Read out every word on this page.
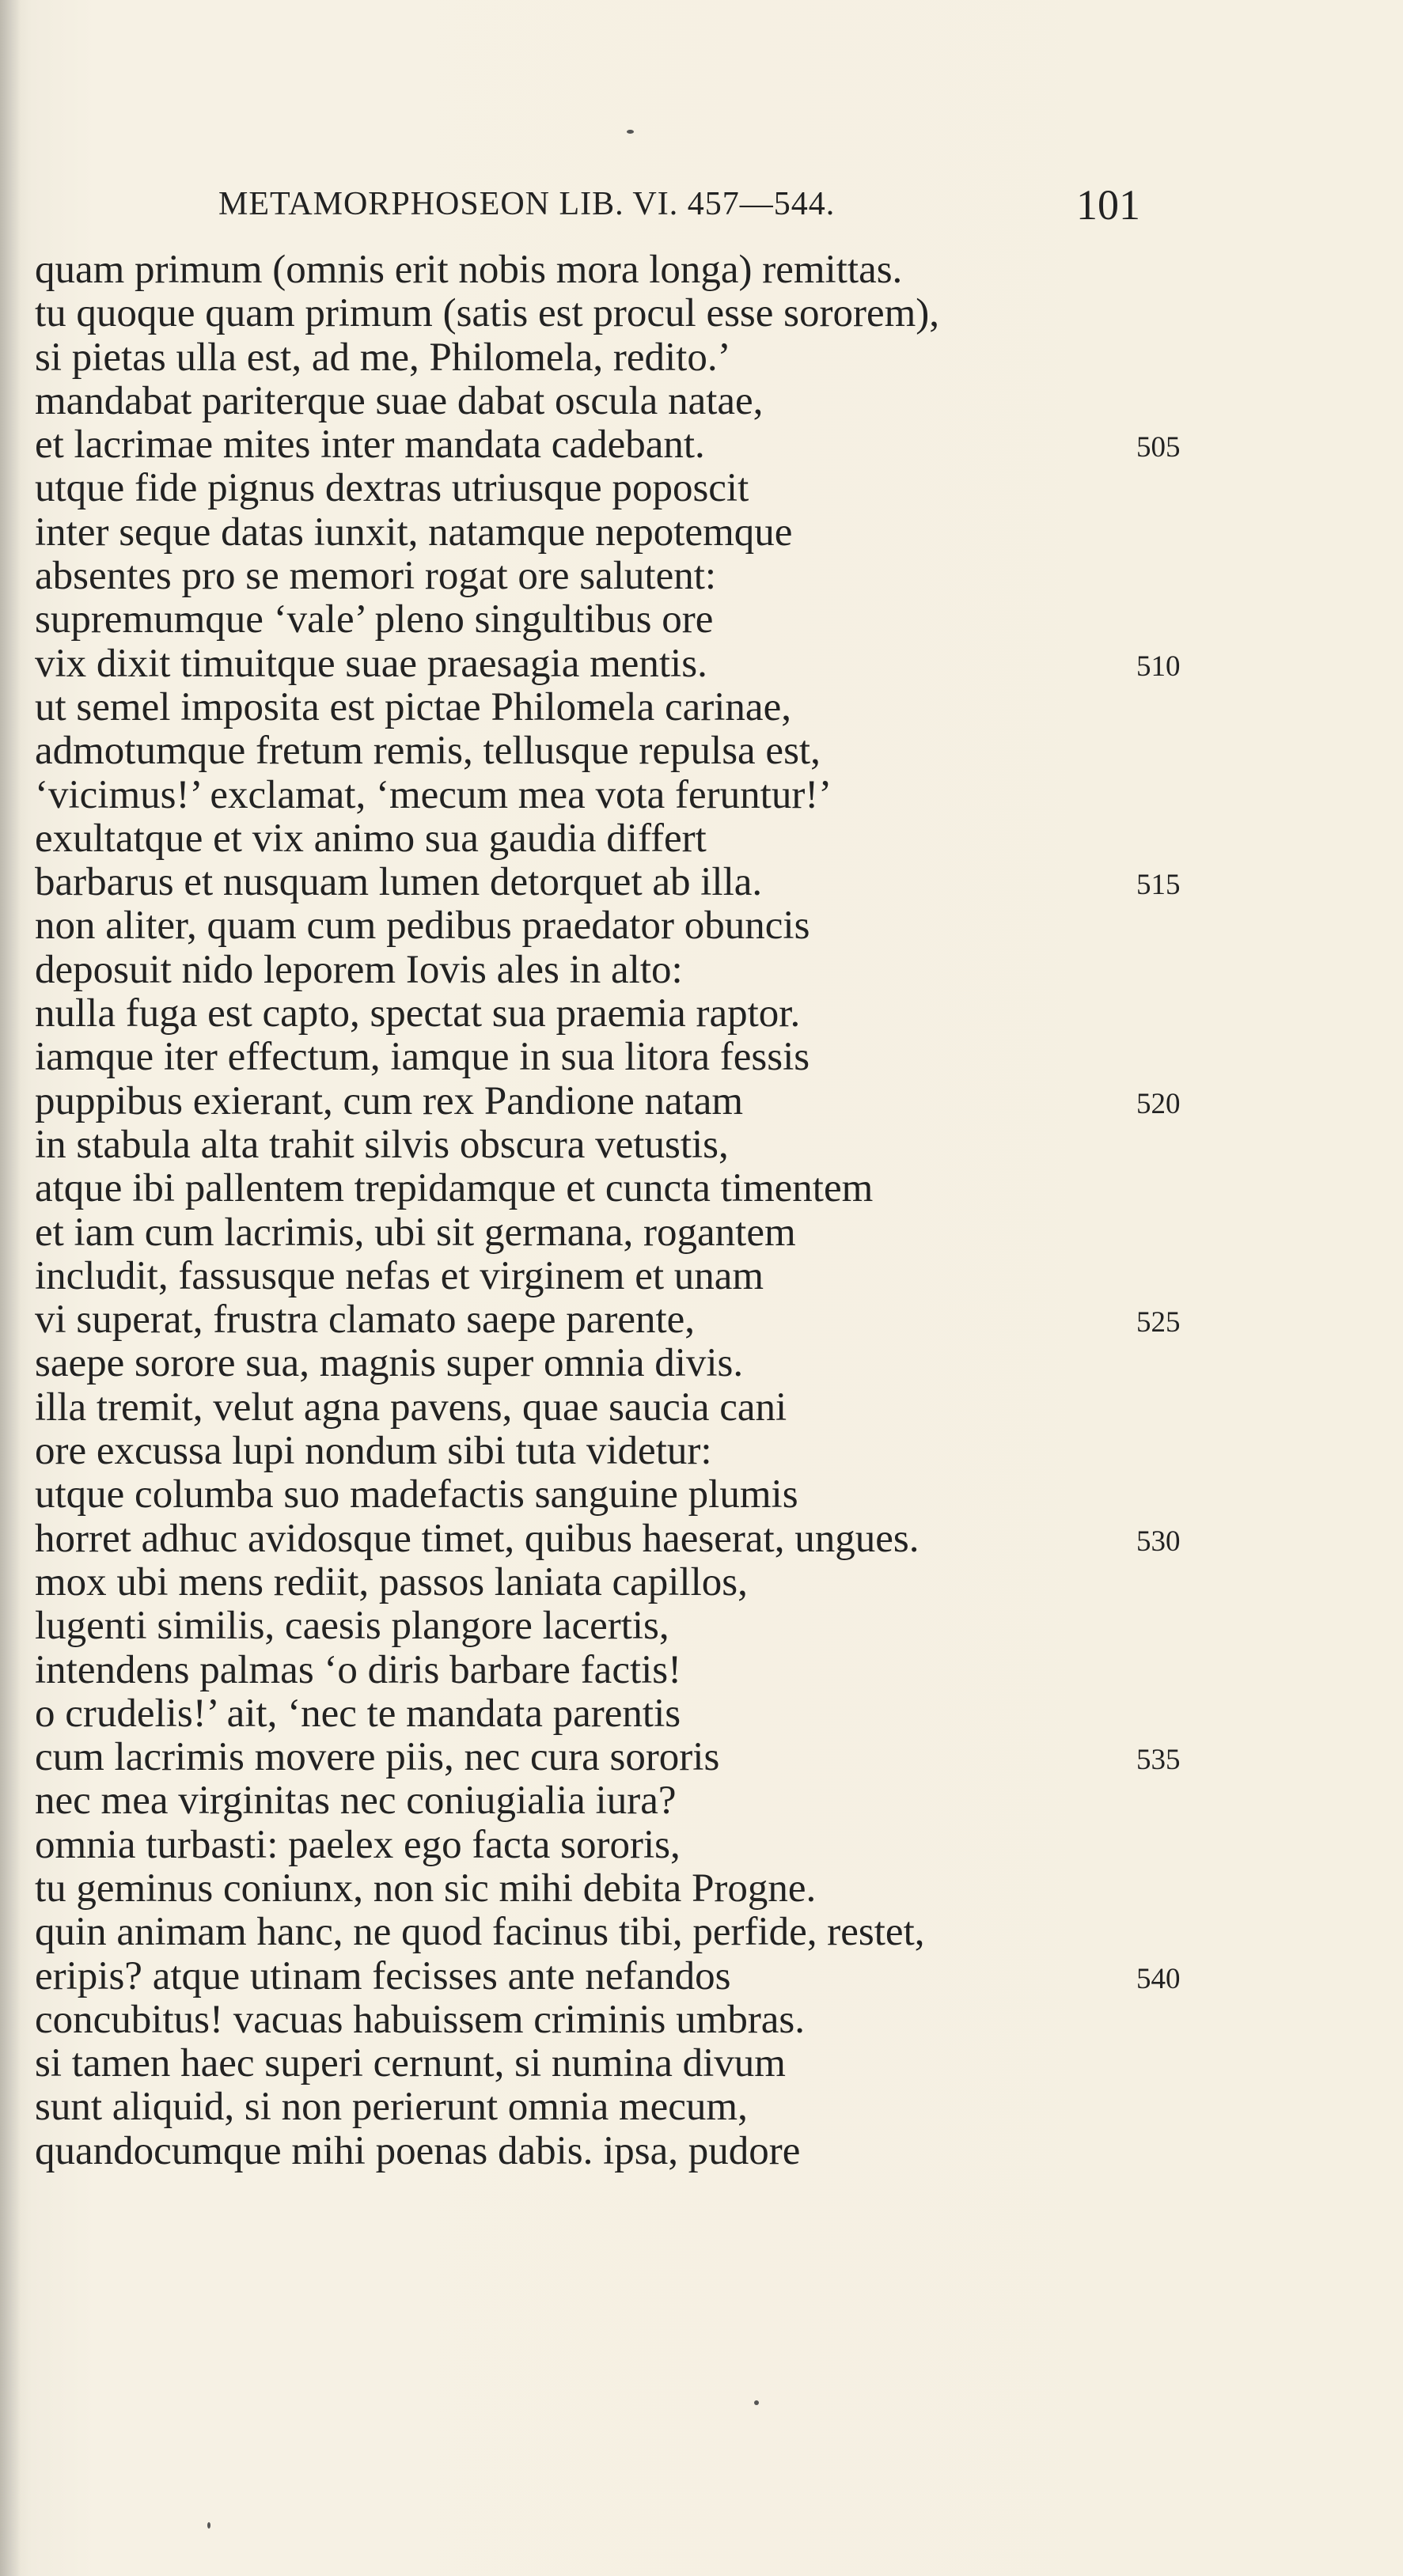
METAMORPHOSEON LIB. VI. 457—544.	101
quam primum (omnis erit nobis mora longa) remittas.
tu quoque quam primum (satis est procul esse sororem),
si pietas ulla est, ad me, Philomela, redito.’
mandabat pariterque suae dabat oscula natae,
et lacrimae mites inter mandata cadebant.	505
utque fide pignus dextras utriusque poposcit
inter seque datas iunxit, natamque nepotemque
absentes pro se memori rogat ore salutent:
supremumque ‘vale’ pleno singultibus ore
vix dixit timuitque suae praesagia mentis.	510
ut semel imposita est pictae Philomela carinae,
admotumque fretum remis, tellusque repulsa est,
‘vicimus!’ exclamat, ‘mecum mea vota feruntur!’
exultatque et vix animo sua gaudia differt
barbarus et nusquam lumen detorquet ab illa.	515
non aliter, quam cum pedibus praedator obuncis
deposuit nido leporem Iovis ales in alto:
nulla fuga est capto, spectat sua praemia raptor.
iamque iter effectum, iamque in sua litora fessis
puppibus exierant, cum rex Pandione natam	520
in stabula alta trahit silvis obscura vetustis,
atque ibi pallentem trepidamque et cuncta timentem
et iam cum lacrimis, ubi sit germana, rogantem
includit, fassusque nefas et virginem et unam
vi superat, frustra clamato saepe parente,	525
saepe sorore sua, magnis super omnia divis.
illa tremit, velut agna pavens, quae saucia cani
ore excussa lupi nondum sibi tuta videtur:
utque columba suo madefactis sanguine plumis
horret adhuc avidosque timet, quibus haeserat, ungues.	530
mox ubi mens rediit, passos laniata capillos,
lugenti similis, caesis plangore lacertis,
intendens palmas ‘o diris barbare factis!
o crudelis!’ ait, ‘nec te mandata parentis
cum lacrimis movere piis, nec cura sororis	535
nec mea virginitas nec coniugialia iura?
omnia turbasti: paelex ego facta sororis,
tu geminus coniunx, non sic mihi debita Progne.
quin animam hanc, ne quod facinus tibi, perfide, restet,
eripis? atque utinam fecisses ante nefandos	540
concubitus! vacuas habuissem criminis umbras.
si tamen haec superi cernunt, si numina divum
sunt aliquid, si non perierunt omnia mecum,
quandocumque mihi poenas dabis. ipsa, pudore
